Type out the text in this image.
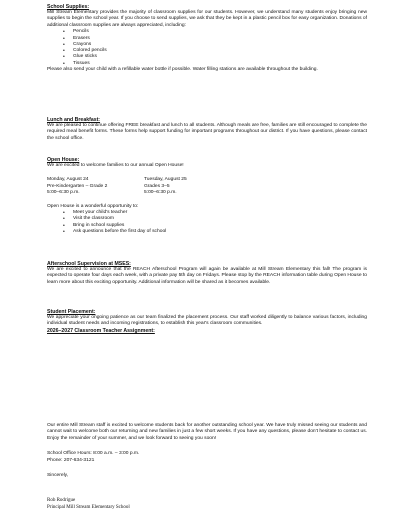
School Supplies:

Mill Stream Elementary provides the majority of classroom supplies for our students. However, we understand many students enjoy bringing new supplies to begin the school year. If you choose to send supplies, we ask that they be kept in a plastic pencil box for easy organization. Donations of additional classroom supplies are always appreciated, including:

• Pencils
• Erasers
• Crayons
• Colored pencils
• Glue sticks
• Tissues

Please also send your child with a refillable water bottle if possible. Water filling stations are available throughout the building.

Lunch and Breakfast:

We are pleased to continue offering FREE breakfast and lunch to all students. Although meals are free, families are still encouraged to complete the required meal benefit forms. These forms help support funding for important programs throughout our district. If you have questions, please contact the school office.

Open House:

We are excited to welcome families to our annual Open House!

Monday, August 24
Pre-Kindergarten – Grade 2
5:00–6:30 p.m.
Tuesday, August 25
Grades 3–5
5:00–6:30 p.m.

Open House is a wonderful opportunity to:

• Meet your child's teacher
• Visit the classroom
• Bring in school supplies
• Ask questions before the first day of school
Afterschool Supervision at MSES:

We are excited to announce that the REACH Afterschool Program will again be available at Mill Stream Elementary this fall! The program is expected to operate four days each week, with a private pay 5th day on Fridays. Please stop by the REACH information table during Open House to learn more about this exciting opportunity. Additional information will be shared as it becomes available.

Student Placement:

We appreciate your ongoing patience as our team finalized the placement process. Our staff worked diligently to balance various factors, including individual student needs and incoming registrations, to establish this year's classroom communities.

2026–2027 Classroom Teacher Assignment:

Our entire Mill Stream staff is excited to welcome students back for another outstanding school year. We have truly missed seeing our students and cannot wait to welcome both our returning and new families in just a few short weeks. If you have any questions, please don't hesitate to contact us. Enjoy the remainder of your summer, and we look forward to seeing you soon!

School Office Hours: 8:00 a.m. – 3:00 p.m.
Phone: 207-634-3121
Sincerely,
Rob Rodrigue
Principal Mill Stream Elementary School
